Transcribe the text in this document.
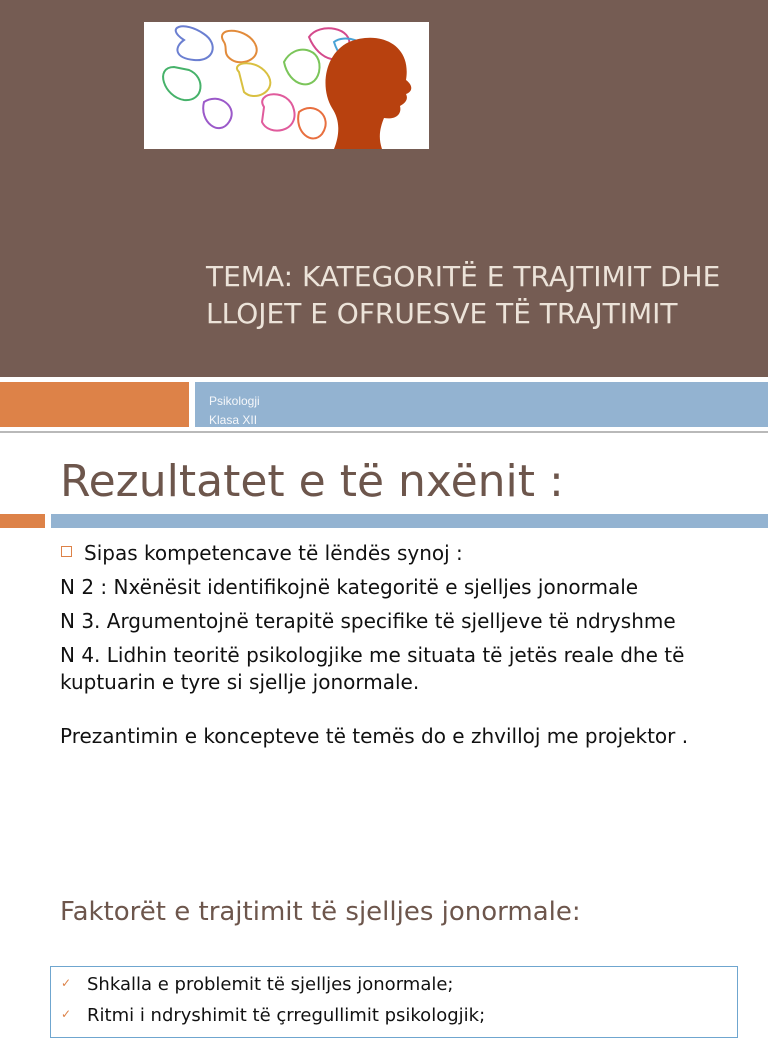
TEMA: KATEGORITË E TRAJTIMIT DHE LLOJET E OFRUESVE TË TRAJTIMIT
Psikologji
Klasa XII
Rezultatet e të nxënit :

Sipas kompetencave të lëndës synoj :

N 2 : Nxënësit identifikojnë kategoritë e sjelljes jonormale

N 3. Argumentojnë terapitë specifike të sjelljeve të ndryshme

N 4. Lidhin teoritë psikologjike me situata të jetës reale dhe të kuptuarin e tyre si sjellje jonormale.

Prezantimin e koncepteve të temës do e zhvilloj me projektor .

Faktorët e trajtimit të sjelljes jonormale:
✓ Shkalla e problemit të sjelljes jonormale;
✓ Ritmi i ndryshimit të çrregullimit psikologjik;
